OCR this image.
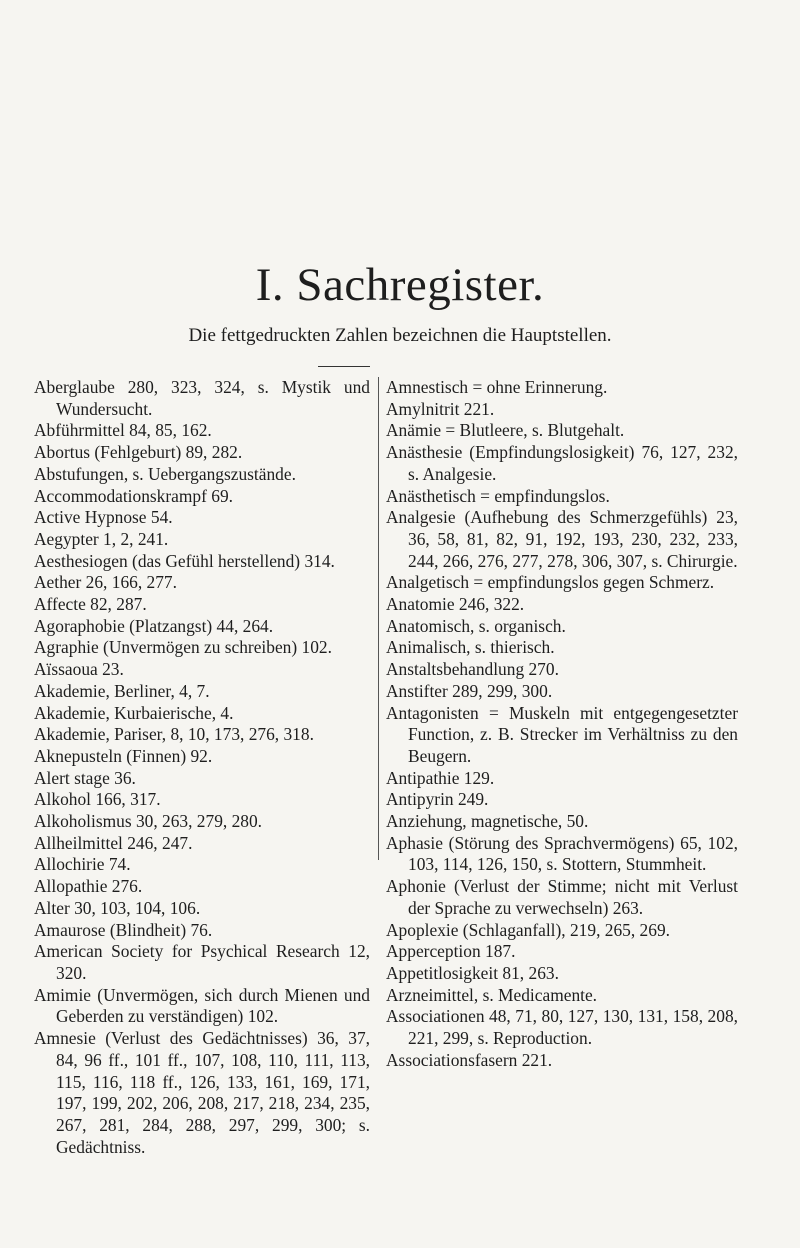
I. Sachregister.

Die fettgedruckten Zahlen bezeichnen die Hauptstellen.

Aberglaube 280, 323, 324, s. Mystik und Wundersucht.

Abführmittel 84, 85, 162.

Abortus (Fehlgeburt) 89, 282.

Abstufungen, s. Uebergangszustände.

Accommodationskrampf 69.

Active Hypnose 54.

Aegypter 1, 2, 241.

Aesthesiogen (das Gefühl herstellend) 314.

Aether 26, 166, 277.

Affecte 82, 287.

Agoraphobie (Platzangst) 44, 264.

Agraphie (Unvermögen zu schreiben) 102.

Aïssaoua 23.

Akademie, Berliner, 4, 7.

Akademie, Kurbaierische, 4.

Akademie, Pariser, 8, 10, 173, 276, 318.

Aknepusteln (Finnen) 92.

Alert stage 36.

Alkohol 166, 317.

Alkoholismus 30, 263, 279, 280.

Allheilmittel 246, 247.

Allochirie 74.

Allopathie 276.

Alter 30, 103, 104, 106.

Amaurose (Blindheit) 76.

American Society for Psychical Research 12, 320.

Amimie (Unvermögen, sich durch Mienen und Geberden zu verständigen) 102.

Amnesie (Verlust des Gedächtnisses) 36, 37, 84, 96 ff., 101 ff., 107, 108, 110, 111, 113, 115, 116, 118 ff., 126, 133, 161, 169, 171, 197, 199, 202, 206, 208, 217, 218, 234, 235, 267, 281, 284, 288, 297, 299, 300; s. Gedächtniss.

Amnestisch = ohne Erinnerung.

Amylnitrit 221.

Anämie = Blutleere, s. Blutgehalt.

Anästhesie (Empfindungslosigkeit) 76, 127, 232, s. Analgesie.

Anästhetisch = empfindungslos.

Analgesie (Aufhebung des Schmerzgefühls) 23, 36, 58, 81, 82, 91, 192, 193, 230, 232, 233, 244, 266, 276, 277, 278, 306, 307, s. Chirurgie.

Analgetisch = empfindungslos gegen Schmerz.

Anatomie 246, 322.

Anatomisch, s. organisch.

Animalisch, s. thierisch.

Anstaltsbehandlung 270.

Anstifter 289, 299, 300.

Antagonisten = Muskeln mit entgegengesetzter Function, z. B. Strecker im Verhältniss zu den Beugern.

Antipathie 129.

Antipyrin 249.

Anziehung, magnetische, 50.

Aphasie (Störung des Sprachvermögens) 65, 102, 103, 114, 126, 150, s. Stottern, Stummheit.

Aphonie (Verlust der Stimme; nicht mit Verlust der Sprache zu verwechseln) 263.

Apoplexie (Schlaganfall), 219, 265, 269.

Apperception 187.

Appetitlosigkeit 81, 263.

Arzneimittel, s. Medicamente.

Associationen 48, 71, 80, 127, 130, 131, 158, 208, 221, 299, s. Reproduction.

Associationsfasern 221.
